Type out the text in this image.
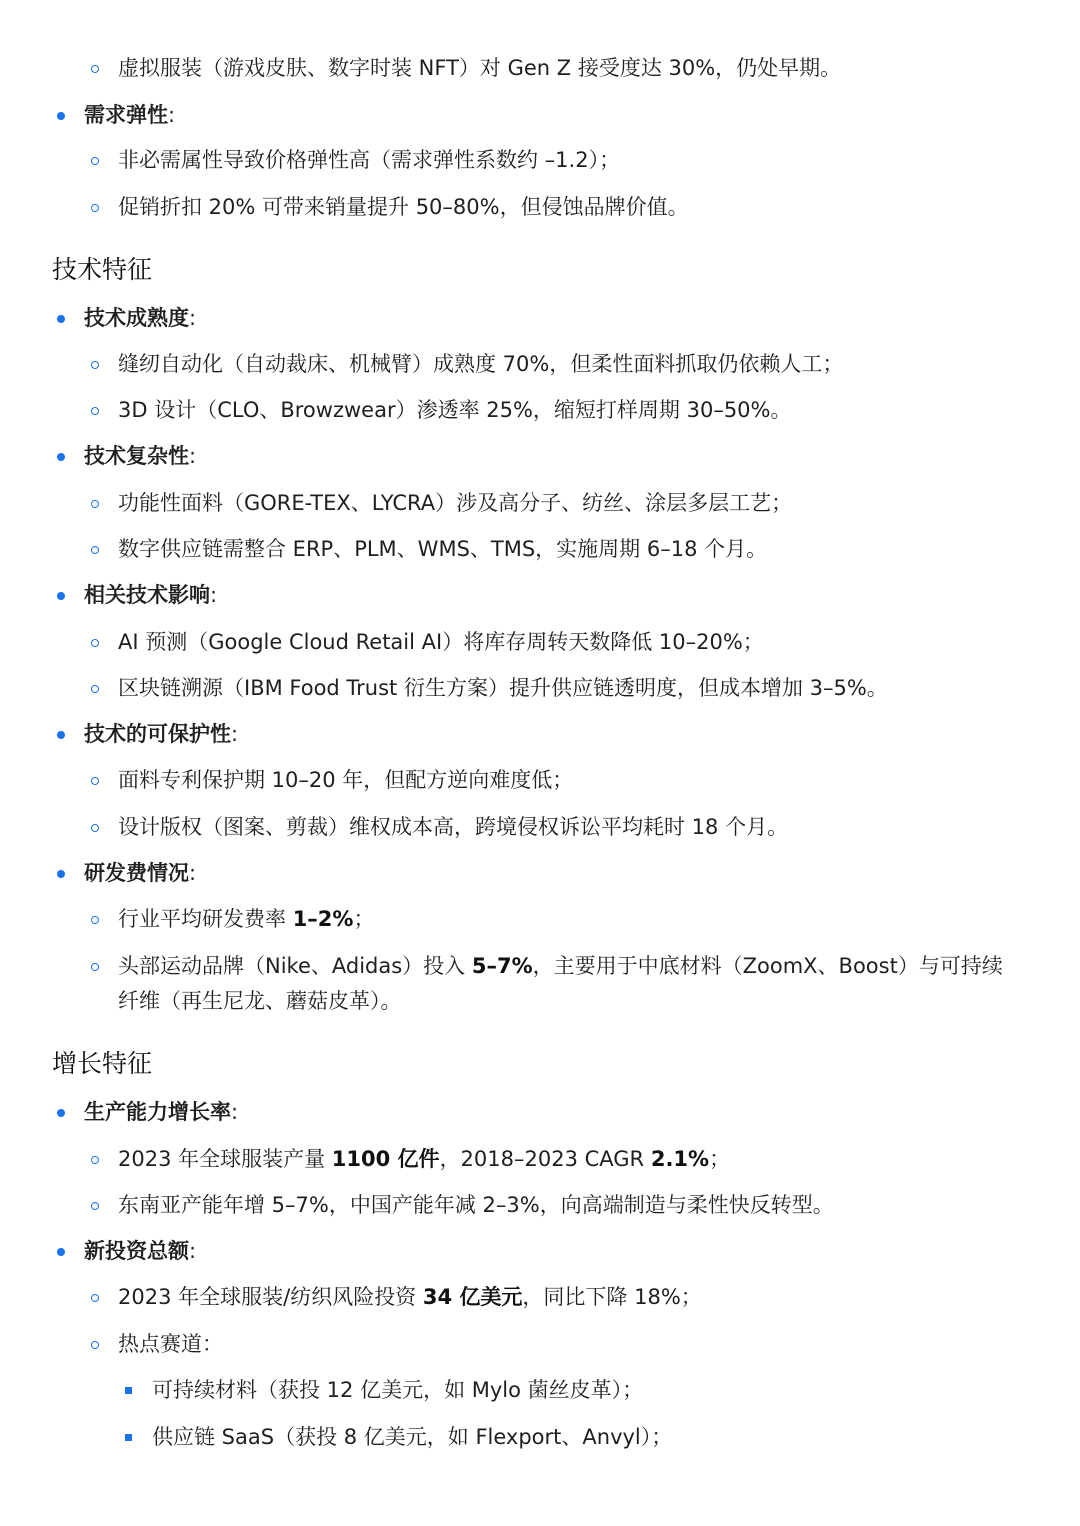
虚拟服装（游戏皮肤、数字时装 NFT）对 Gen Z 接受度达 30%，仍处早期。
需求弹性:
非必需属性导致价格弹性高（需求弹性系数约 –1.2）；
促销折扣 20% 可带来销量提升 50–80%，但侵蚀品牌价值。
技术特征
技术成熟度:
缝纫自动化（自动裁床、机械臂）成熟度 70%，但柔性面料抓取仍依赖人工；
3D 设计（CLO、Browzwear）渗透率 25%，缩短打样周期 30–50%。
技术复杂性:
功能性面料（GORE-TEX、LYCRA）涉及高分子、纺丝、涂层多层工艺；
数字供应链需整合 ERP、PLM、WMS、TMS，实施周期 6–18 个月。
相关技术影响:
AI 预测（Google Cloud Retail AI）将库存周转天数降低 10–20%；
区块链溯源（IBM Food Trust 衍生方案）提升供应链透明度，但成本增加 3–5%。
技术的可保护性:
面料专利保护期 10–20 年，但配方逆向难度低；
设计版权（图案、剪裁）维权成本高，跨境侵权诉讼平均耗时 18 个月。
研发费情况:
行业平均研发费率 1–2%；
头部运动品牌（Nike、Adidas）投入 5–7%，主要用于中底材料（ZoomX、Boost）与可持续
纤维（再生尼龙、蘑菇皮革）。
增长特征
生产能力增长率:
2023 年全球服装产量 1100 亿件，2018–2023 CAGR 2.1%；
东南亚产能年增 5–7%，中国产能年减 2–3%，向高端制造与柔性快反转型。
新投资总额:
2023 年全球服装/纺织风险投资 34 亿美元，同比下降 18%；
热点赛道：
可持续材料（获投 12 亿美元，如 Mylo 菌丝皮革）；
供应链 SaaS（获投 8 亿美元，如 Flexport、Anvyl）；
